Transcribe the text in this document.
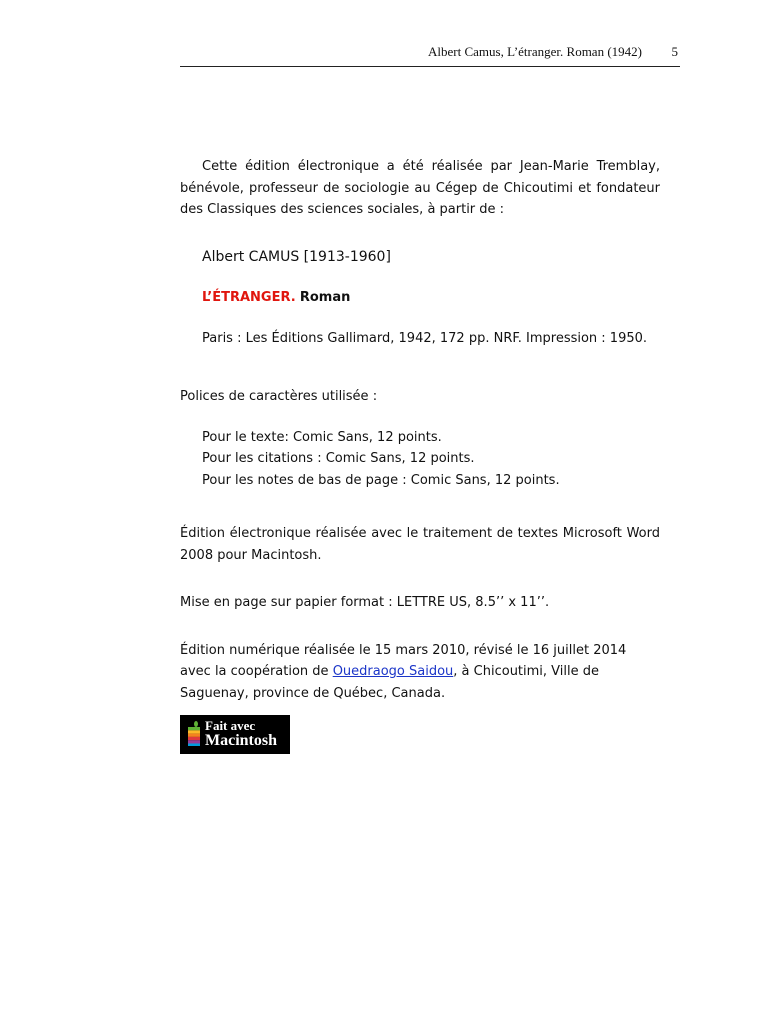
Albert Camus, L’étranger. Roman (1942) 5

Cette édition électronique a été réalisée par Jean-Marie Tremblay, bénévole, professeur de sociologie au Cégep de Chicoutimi et fondateur des Classiques des sciences sociales, à partir de :

Albert CAMUS [1913-1960]

L’ÉTRANGER. Roman

Paris : Les Éditions Gallimard, 1942, 172 pp. NRF. Impression : 1950.

Polices de caractères utilisée :

Pour le texte: Comic Sans, 12 points.
Pour les citations : Comic Sans, 12 points.
Pour les notes de bas de page : Comic Sans, 12 points.

Édition électronique réalisée avec le traitement de textes Microsoft Word 2008 pour Macintosh.

Mise en page sur papier format : LETTRE US, 8.5’’ x 11’’.

Édition numérique réalisée le 15 mars 2010, révisé le 16 juillet 2014 avec la coopération de Ouedraogo Saidou, à Chicoutimi, Ville de Saguenay, province de Québec, Canada.

Fait avec
Macintosh
